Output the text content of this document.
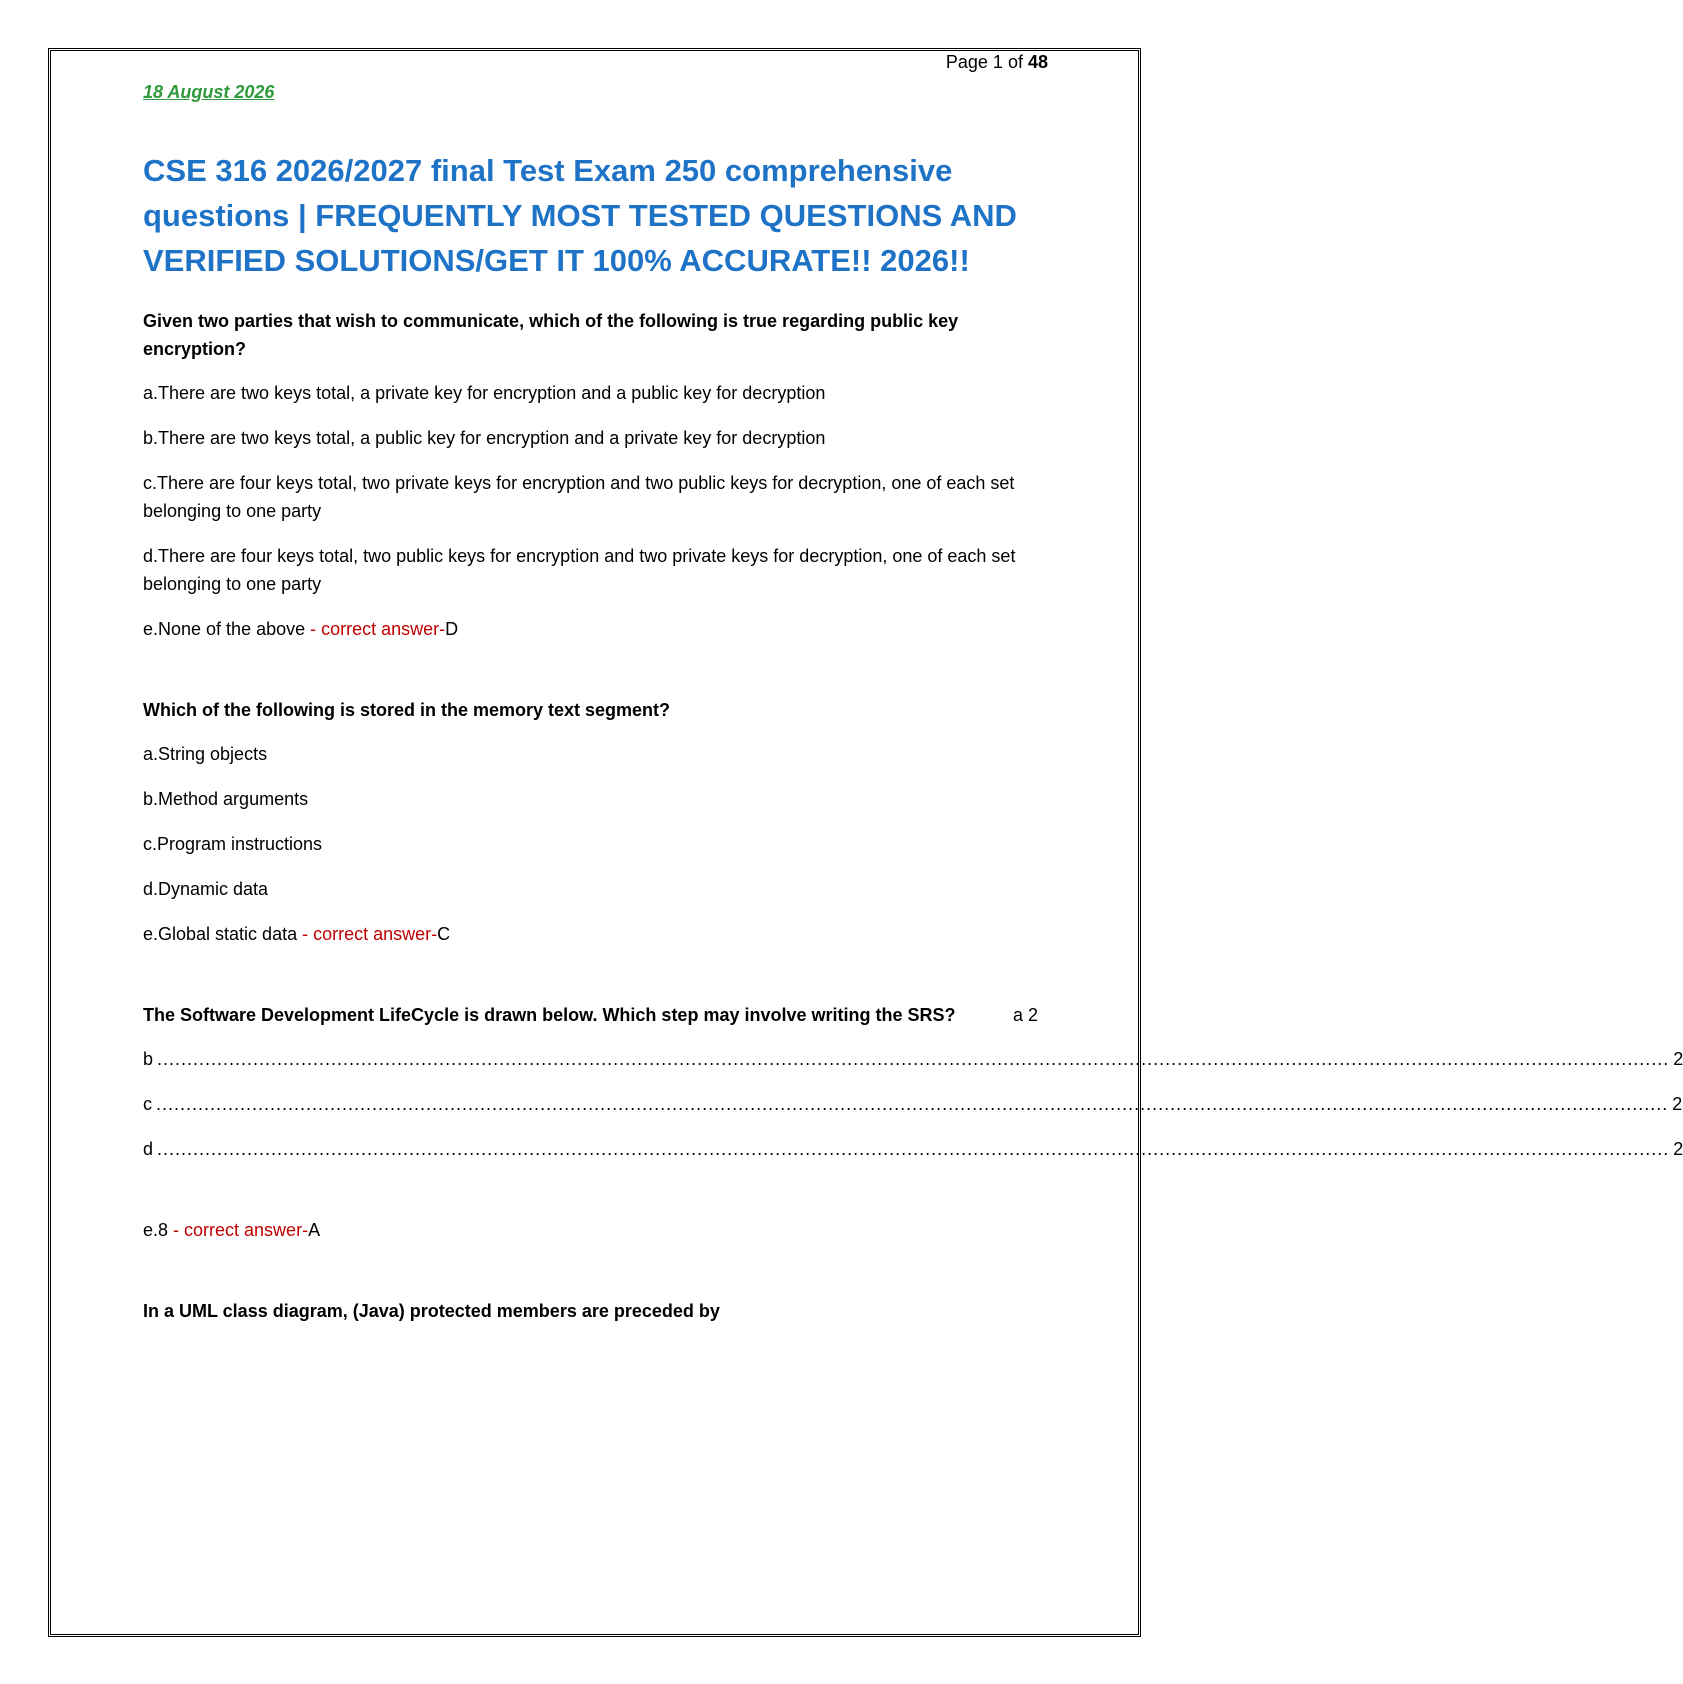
Page 1 of 48
18 August 2026
CSE 316 2026/2027 final Test Exam 250 comprehensive questions | FREQUENTLY MOST TESTED QUESTIONS AND VERIFIED SOLUTIONS/GET IT 100% ACCURATE!! 2026!!

Given two parties that wish to communicate, which of the following is true regarding public key encryption?

a.There are two keys total, a private key for encryption and a public key for decryption

b.There are two keys total, a public key for encryption and a private key for decryption

c.There are four keys total, two private keys for encryption and two public keys for decryption, one of each set belonging to one party

d.There are four keys total, two public keys for encryption and two private keys for decryption, one of each set belonging to one party

e.None of the above - correct answer-D

Which of the following is stored in the memory text segment?

a.String objects

b.Method arguments

c.Program instructions

d.Dynamic data

e.Global static data - correct answer-C

The Software Development LifeCycle is drawn below. Which step may involve writing the SRS?	a 2
b ............................................................................................................................................................................................................................................................ 2
c ............................................................................................................................................................................................................................................................ 2
d ............................................................................................................................................................................................................................................................ 2

e.8 - correct answer-A

In a UML class diagram, (Java) protected members are preceded by
